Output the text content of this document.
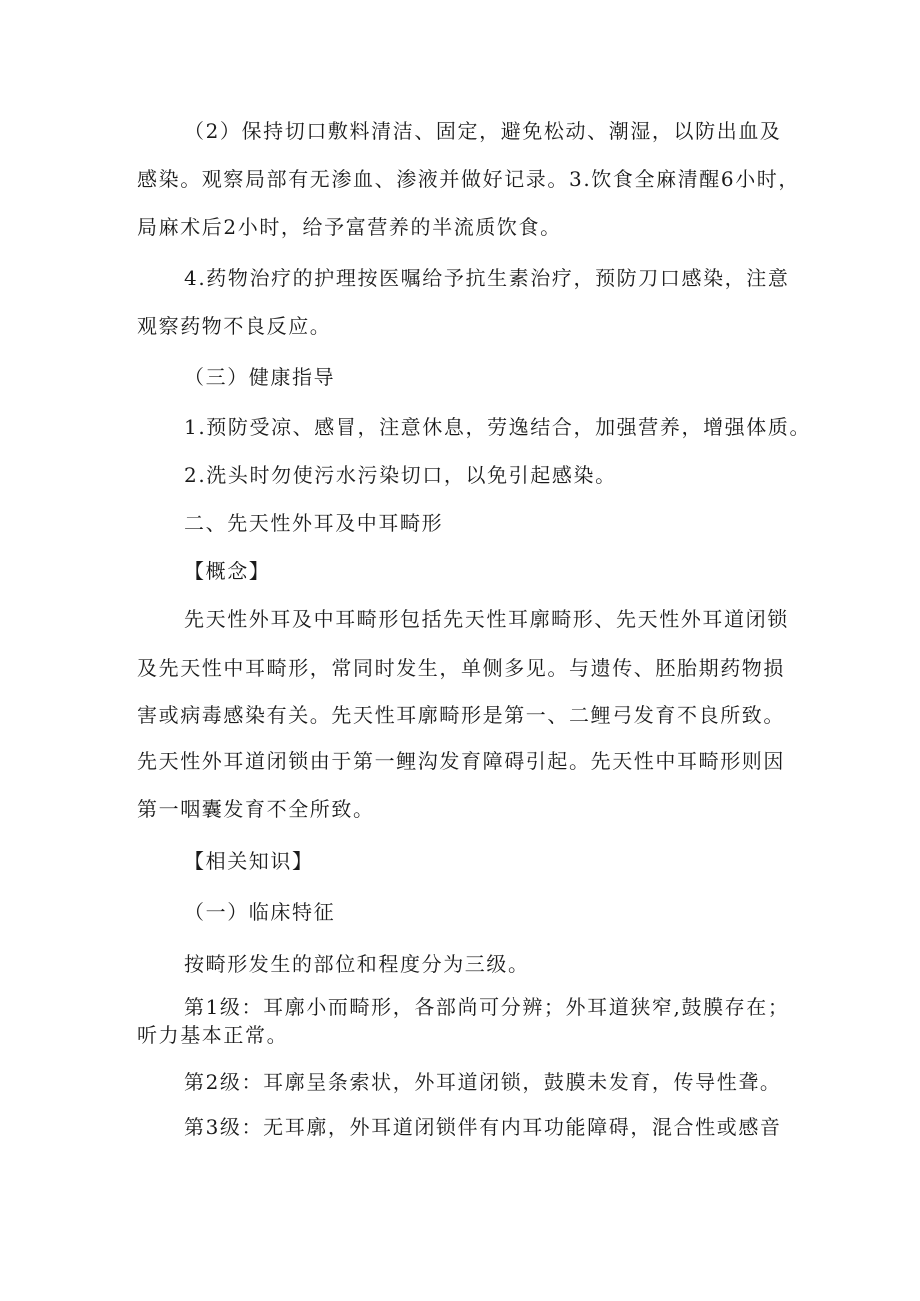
（2）保持切口敷料清洁、固定，避免松动、潮湿，以防出血及
感染。观察局部有无渗血、渗液并做好记录。3.饮食全麻清醒6小时，
局麻术后2小时，给予富营养的半流质饮食。
4.药物治疗的护理按医嘱给予抗生素治疗，预防刀口感染，注意
观察药物不良反应。
（三）健康指导
1.预防受凉、感冒，注意休息，劳逸结合，加强营养，增强体质。
2.洗头时勿使污水污染切口，以免引起感染。
二、先天性外耳及中耳畸形
【概念】
先天性外耳及中耳畸形包括先天性耳廓畸形、先天性外耳道闭锁
及先天性中耳畸形，常同时发生，单侧多见。与遗传、胚胎期药物损
害或病毒感染有关。先天性耳廓畸形是第一、二鲤弓发育不良所致。
先天性外耳道闭锁由于第一鲤沟发育障碍引起。先天性中耳畸形则因
第一咽囊发育不全所致。
【相关知识】
（一）临床特征
按畸形发生的部位和程度分为三级。
第1级：耳廓小而畸形，各部尚可分辨；外耳道狭窄,鼓膜存在；
听力基本正常。
第2级：耳廓呈条索状，外耳道闭锁，鼓膜未发育，传导性聋。
第3级：无耳廓，外耳道闭锁伴有内耳功能障碍，混合性或感音
